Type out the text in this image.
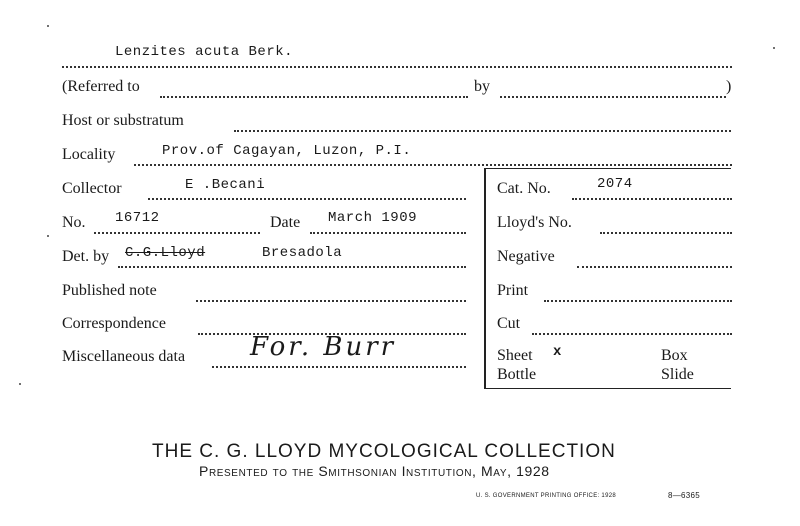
Lenzites acuta Berk.
(Referred to	by	)
Host or substratum
Locality	Prov.of Cagayan, Luzon, P.I.
Collector	E .Becani	Cat. No.	2074
No. 16712	Date March 1909	Lloyd's No.
Det. by C.G.Lloyd	Bresadola	Negative
Published note	Print
Correspondence	Cut
Miscellaneous data For. Burr	Sheet x	Box
Bottle	Slide
THE C. G. LLOYD MYCOLOGICAL COLLECTION
Presented to the Smithsonian Institution, May, 1928
U. S. GOVERNMENT PRINTING OFFICE: 1928	8—6365
